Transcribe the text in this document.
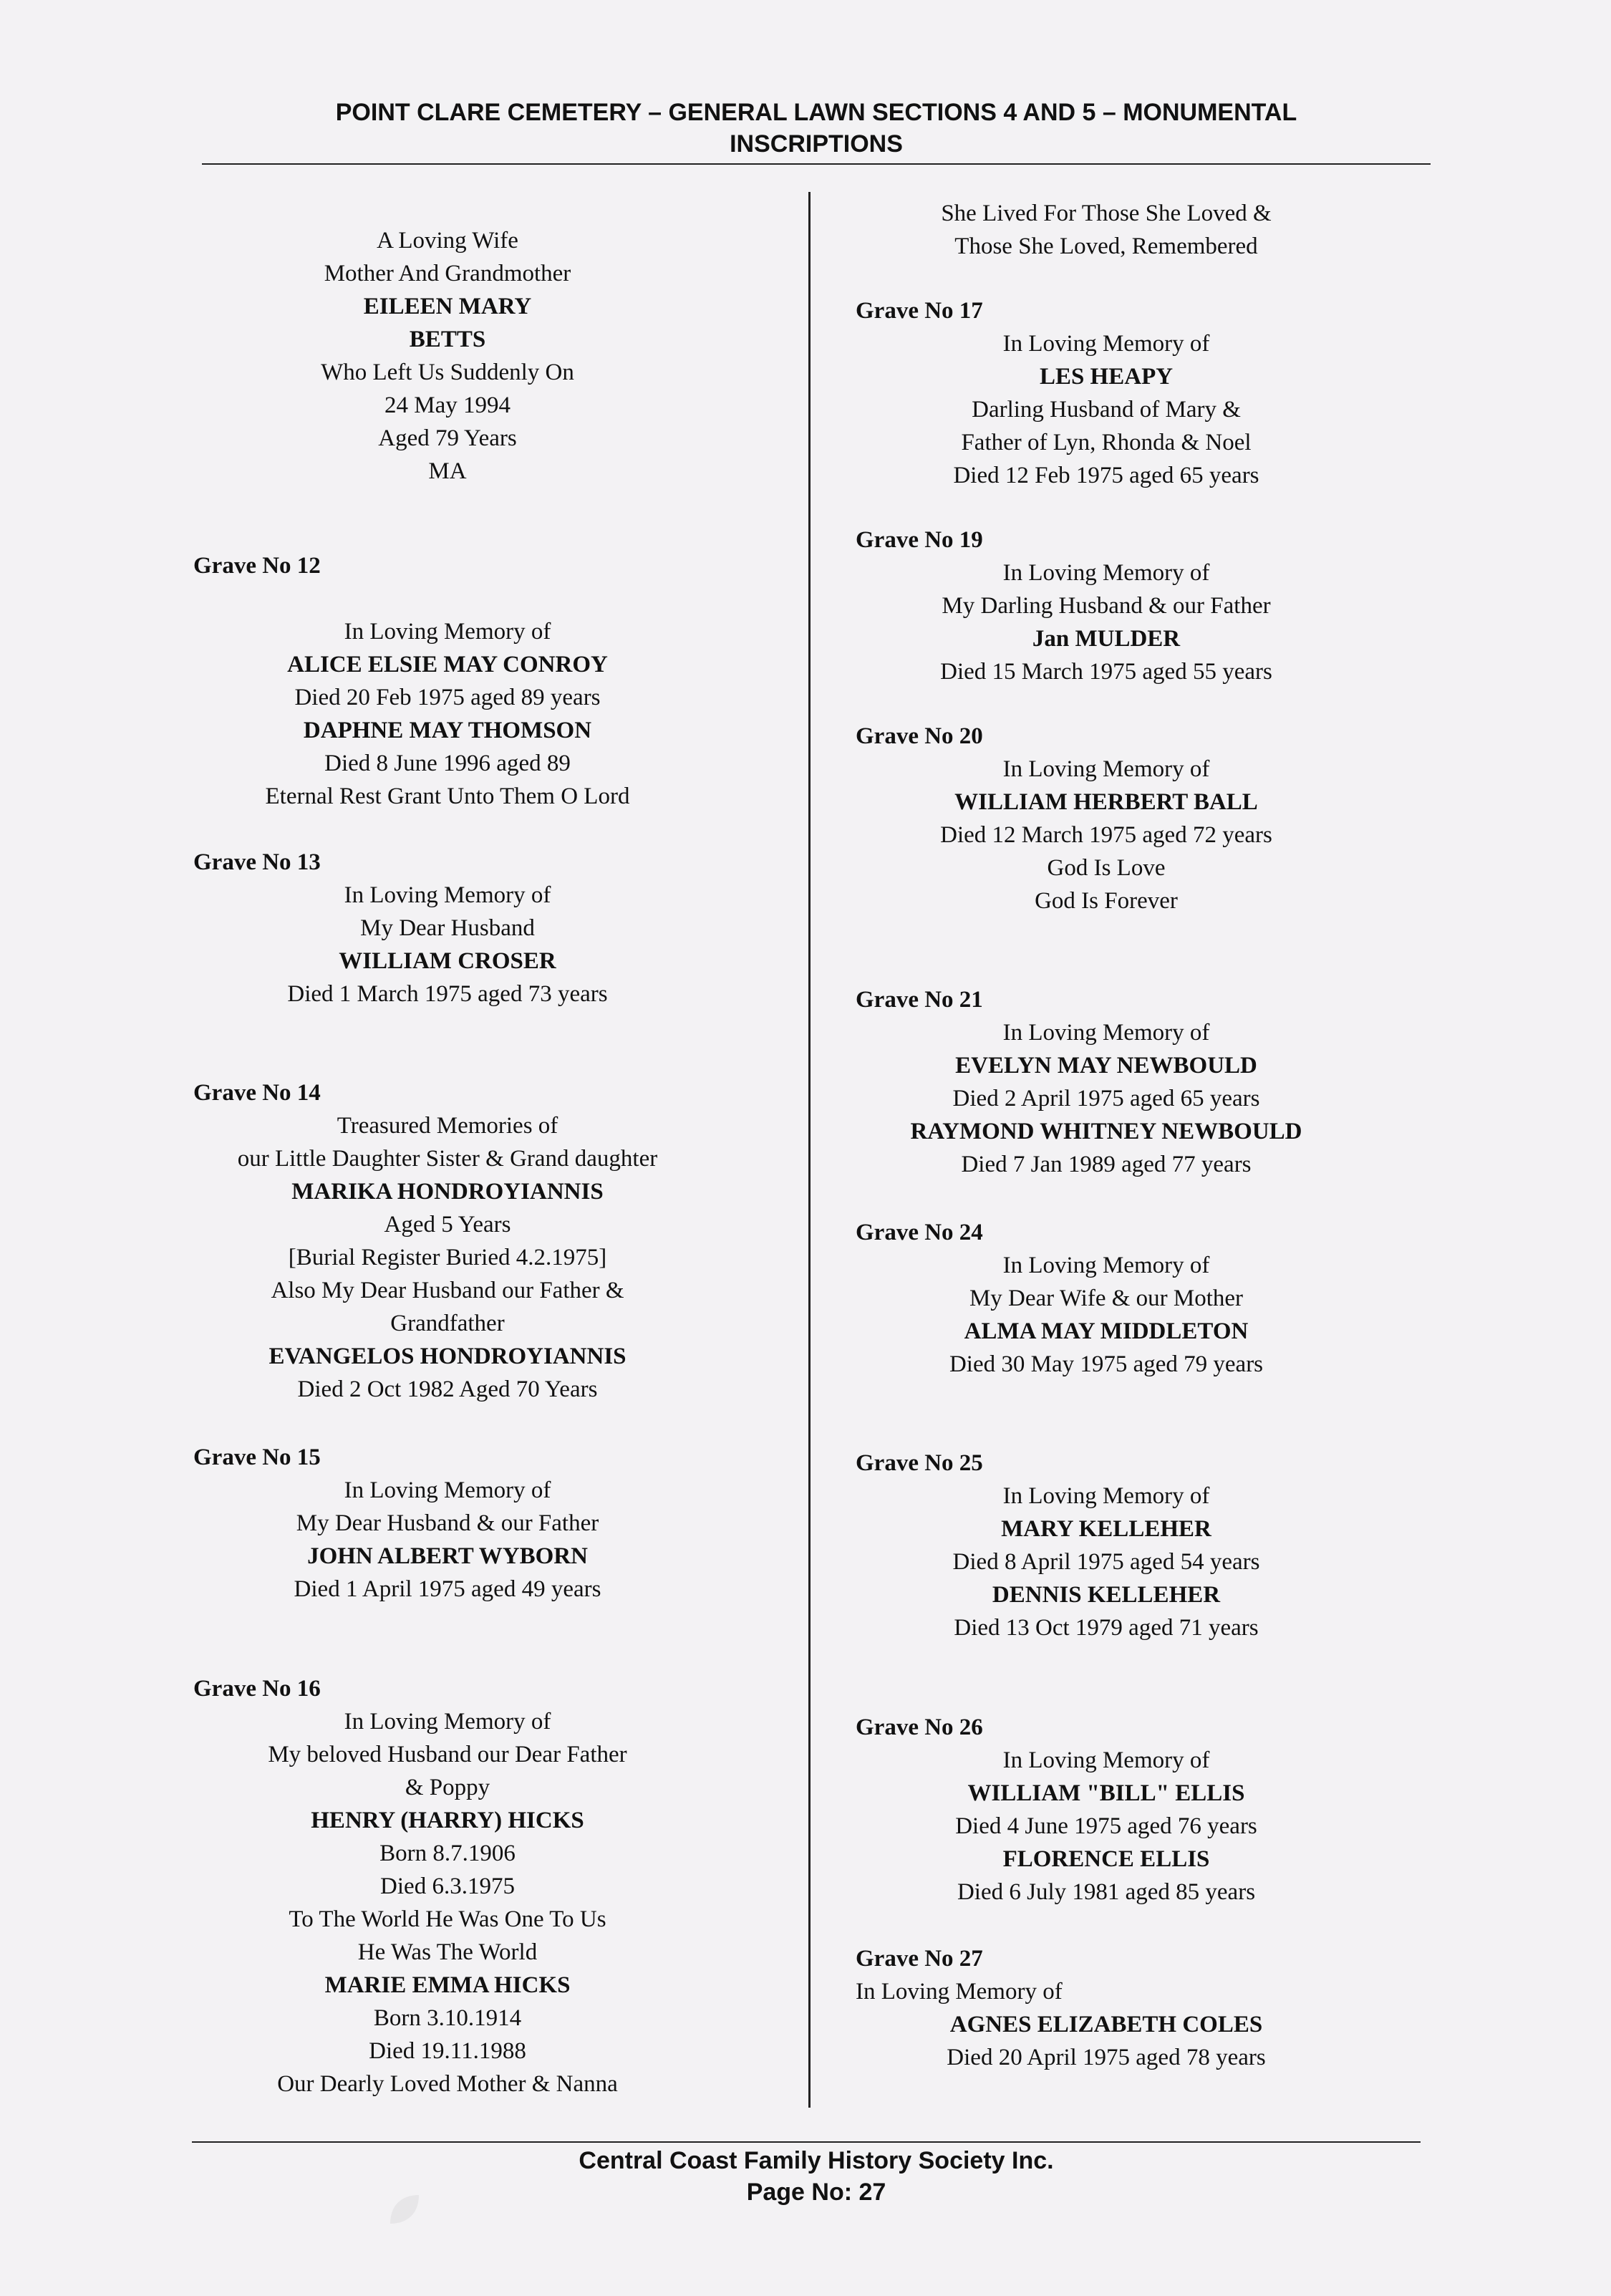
POINT CLARE CEMETERY – GENERAL LAWN SECTIONS 4 AND 5 – MONUMENTAL
INSCRIPTIONS
A Loving Wife
Mother And Grandmother
EILEEN MARY
BETTS
Who Left Us Suddenly On
24 May 1994
Aged 79 Years
MA
Grave No 12
In Loving Memory of
ALICE ELSIE MAY CONROY
Died 20 Feb 1975 aged 89 years
DAPHNE MAY THOMSON
Died 8 June 1996 aged 89
Eternal Rest Grant Unto Them O Lord
Grave No 13
In Loving Memory of
My Dear Husband
WILLIAM CROSER
Died 1 March 1975 aged 73 years
Grave No 14
Treasured Memories of
our Little Daughter Sister & Grand daughter
MARIKA HONDROYIANNIS
Aged 5 Years
[Burial Register Buried 4.2.1975]
Also My Dear Husband our Father &
Grandfather
EVANGELOS HONDROYIANNIS
Died 2 Oct 1982 Aged 70 Years
Grave No 15
In Loving Memory of
My Dear Husband & our Father
JOHN ALBERT WYBORN
Died 1 April 1975 aged 49 years
Grave No 16
In Loving Memory of
My beloved Husband our Dear Father
& Poppy
HENRY (HARRY) HICKS
Born 8.7.1906
Died 6.3.1975
To The World He Was One To Us
He Was The World
MARIE EMMA HICKS
Born 3.10.1914
Died 19.11.1988
Our Dearly Loved Mother & Nanna
She Lived For Those She Loved &
Those She Loved, Remembered
Grave No 17
In Loving Memory of
LES HEAPY
Darling Husband of Mary &
Father of Lyn, Rhonda & Noel
Died 12 Feb 1975 aged 65 years
Grave No 19
In Loving Memory of
My Darling Husband & our Father
Jan MULDER
Died 15 March 1975 aged 55 years
Grave No 20
In Loving Memory of
WILLIAM HERBERT BALL
Died 12 March 1975 aged 72 years
God Is Love
God Is Forever
Grave No 21
In Loving Memory of
EVELYN MAY NEWBOULD
Died 2 April 1975 aged 65 years
RAYMOND WHITNEY NEWBOULD
Died 7 Jan 1989 aged 77 years
Grave No 24
In Loving Memory of
My Dear Wife & our Mother
ALMA MAY MIDDLETON
Died 30 May 1975 aged 79 years
Grave No 25
In Loving Memory of
MARY KELLEHER
Died 8 April 1975 aged 54 years
DENNIS KELLEHER
Died 13 Oct 1979 aged 71 years
Grave No 26
In Loving Memory of
WILLIAM "BILL" ELLIS
Died 4 June 1975 aged 76 years
FLORENCE ELLIS
Died 6 July 1981 aged 85 years
Grave No 27
In Loving Memory of
AGNES ELIZABETH COLES
Died 20 April 1975 aged 78 years
Central Coast Family History Society Inc.
Page No: 27
